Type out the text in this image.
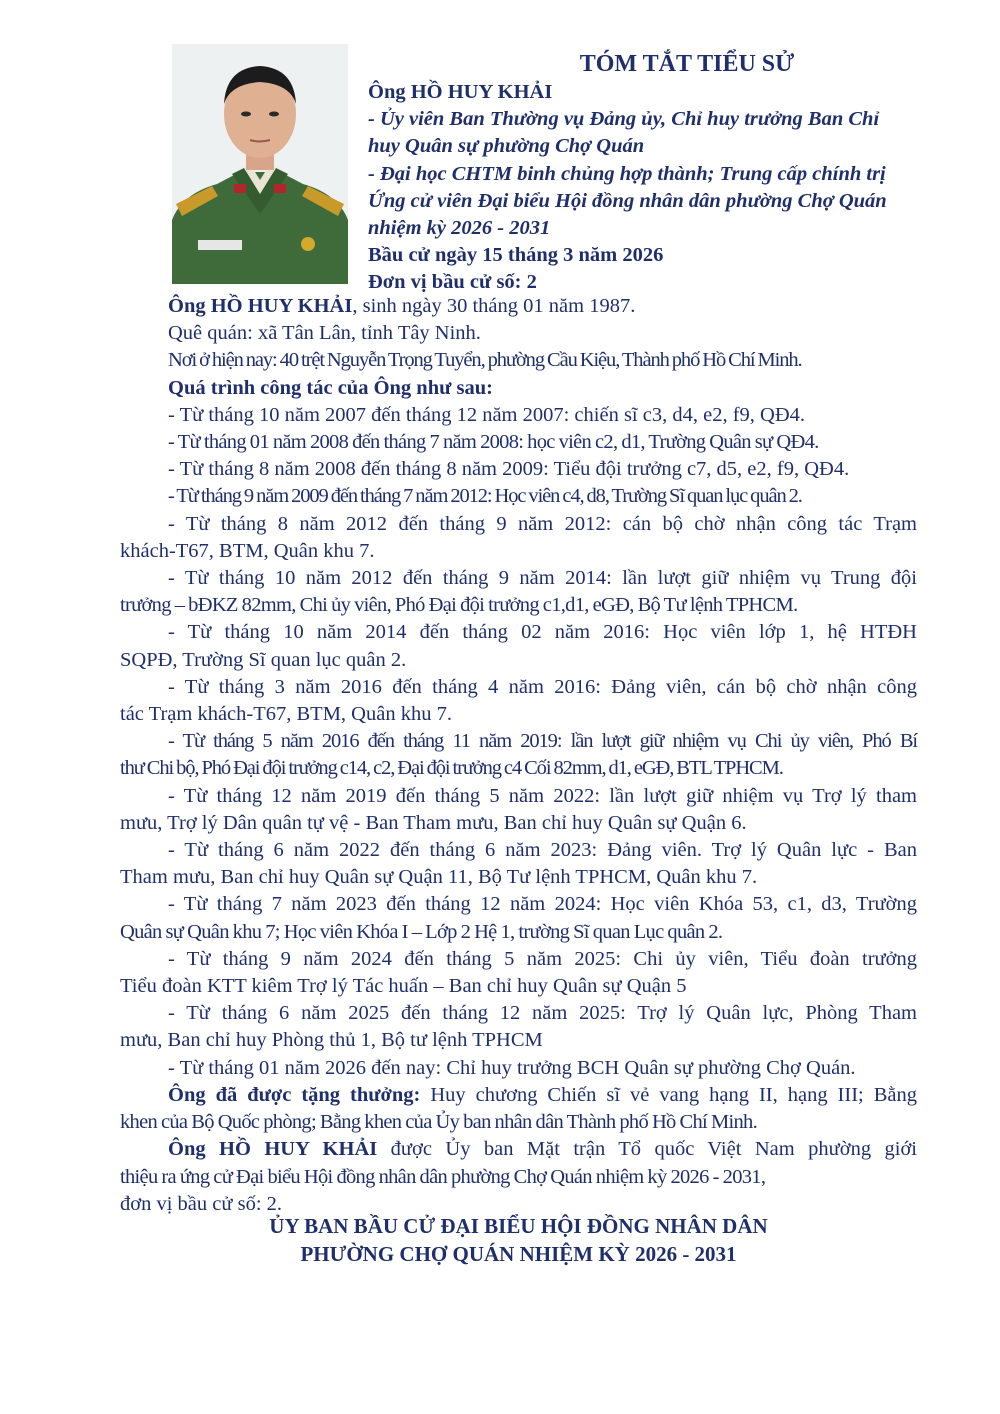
TÓM TẮT TIỂU SỬ
Ông HỒ HUY KHẢI
- Ủy viên Ban Thường vụ Đảng ủy, Chỉ huy trưởng Ban Chỉ
huy Quân sự phường Chợ Quán
- Đại học CHTM binh chủng hợp thành; Trung cấp chính trị
Ứng cử viên Đại biểu Hội đồng nhân dân phường Chợ Quán
nhiệm kỳ 2026 - 2031
Bầu cử ngày 15 tháng 3 năm 2026
Đơn vị bầu cử số: 2

Ông HỒ HUY KHẢI, sinh ngày 30 tháng 01 năm 1987.

Quê quán: xã Tân Lân, tỉnh Tây Ninh.

Nơi ở hiện nay: 40 trệt Nguyễn Trọng Tuyển, phường Cầu Kiệu, Thành phố Hồ Chí Minh.

Quá trình công tác của Ông như sau:

- Từ tháng 10 năm 2007 đến tháng 12 năm 2007: chiến sĩ c3, d4, e2, f9, QĐ4.

- Từ tháng 01 năm 2008 đến tháng 7 năm 2008: học viên c2, d1, Trường Quân sự QĐ4.

- Từ tháng 8 năm 2008 đến tháng 8 năm 2009: Tiểu đội trưởng c7, d5, e2, f9, QĐ4.

- Từ tháng 9 năm 2009 đến tháng 7 năm 2012: Học viên c4, d8, Trường Sĩ quan lục quân 2.

- Từ tháng 8 năm 2012 đến tháng 9 năm 2012: cán bộ chờ nhận công tác Trạm

khách-T67, BTM, Quân khu 7.

- Từ tháng 10 năm 2012 đến tháng 9 năm 2014: lần lượt giữ nhiệm vụ Trung đội

trưởng – bĐKZ 82mm, Chi ủy viên, Phó Đại đội trưởng c1,d1, eGĐ, Bộ Tư lệnh TPHCM.

- Từ tháng 10 năm 2014 đến tháng 02 năm 2016: Học viên lớp 1, hệ HTĐH

SQPĐ, Trường Sĩ quan lục quân 2.

- Từ tháng 3 năm 2016 đến tháng 4 năm 2016: Đảng viên, cán bộ chờ nhận công

tác Trạm khách-T67, BTM, Quân khu 7.

- Từ tháng 5 năm 2016 đến tháng 11 năm 2019: lần lượt giữ nhiệm vụ Chi ủy viên, Phó Bí

thư Chi bộ, Phó Đại đội trưởng c14, c2, Đại đội trưởng c4 Cối 82mm, d1, eGĐ, BTL TPHCM.

- Từ tháng 12 năm 2019 đến tháng 5 năm 2022: lần lượt giữ nhiệm vụ Trợ lý tham

mưu, Trợ lý Dân quân tự vệ - Ban Tham mưu, Ban chỉ huy Quân sự Quận 6.

- Từ tháng 6 năm 2022 đến tháng 6 năm 2023: Đảng viên. Trợ lý Quân lực - Ban

Tham mưu, Ban chỉ huy Quân sự Quận 11, Bộ Tư lệnh TPHCM, Quân khu 7.

- Từ tháng 7 năm 2023 đến tháng 12 năm 2024: Học viên Khóa 53, c1, d3, Trường

Quân sự Quân khu 7; Học viên Khóa I – Lớp 2 Hệ 1, trường Sĩ quan Lục quân 2.

- Từ tháng 9 năm 2024 đến tháng 5 năm 2025: Chi ủy viên, Tiểu đoàn trưởng

Tiểu đoàn KTT kiêm Trợ lý Tác huấn – Ban chỉ huy Quân sự Quận 5

- Từ tháng 6 năm 2025 đến tháng 12 năm 2025: Trợ lý Quân lực, Phòng Tham

mưu, Ban chỉ huy Phòng thủ 1, Bộ tư lệnh TPHCM

- Từ tháng 01 năm 2026 đến nay: Chỉ huy trưởng BCH Quân sự phường Chợ Quán.

Ông đã được tặng thưởng: Huy chương Chiến sĩ vẻ vang hạng II, hạng III; Bằng

khen của Bộ Quốc phòng; Bằng khen của Ủy ban nhân dân Thành phố Hồ Chí Minh.

Ông HỒ HUY KHẢI được Ủy ban Mặt trận Tổ quốc Việt Nam phường giới

thiệu ra ứng cử Đại biểu Hội đồng nhân dân phường Chợ Quán nhiệm kỳ 2026 - 2031,

đơn vị bầu cử số: 2.

ỦY BAN BẦU CỬ ĐẠI BIỂU HỘI ĐỒNG NHÂN DÂN
PHƯỜNG CHỢ QUÁN NHIỆM KỲ 2026 - 2031
